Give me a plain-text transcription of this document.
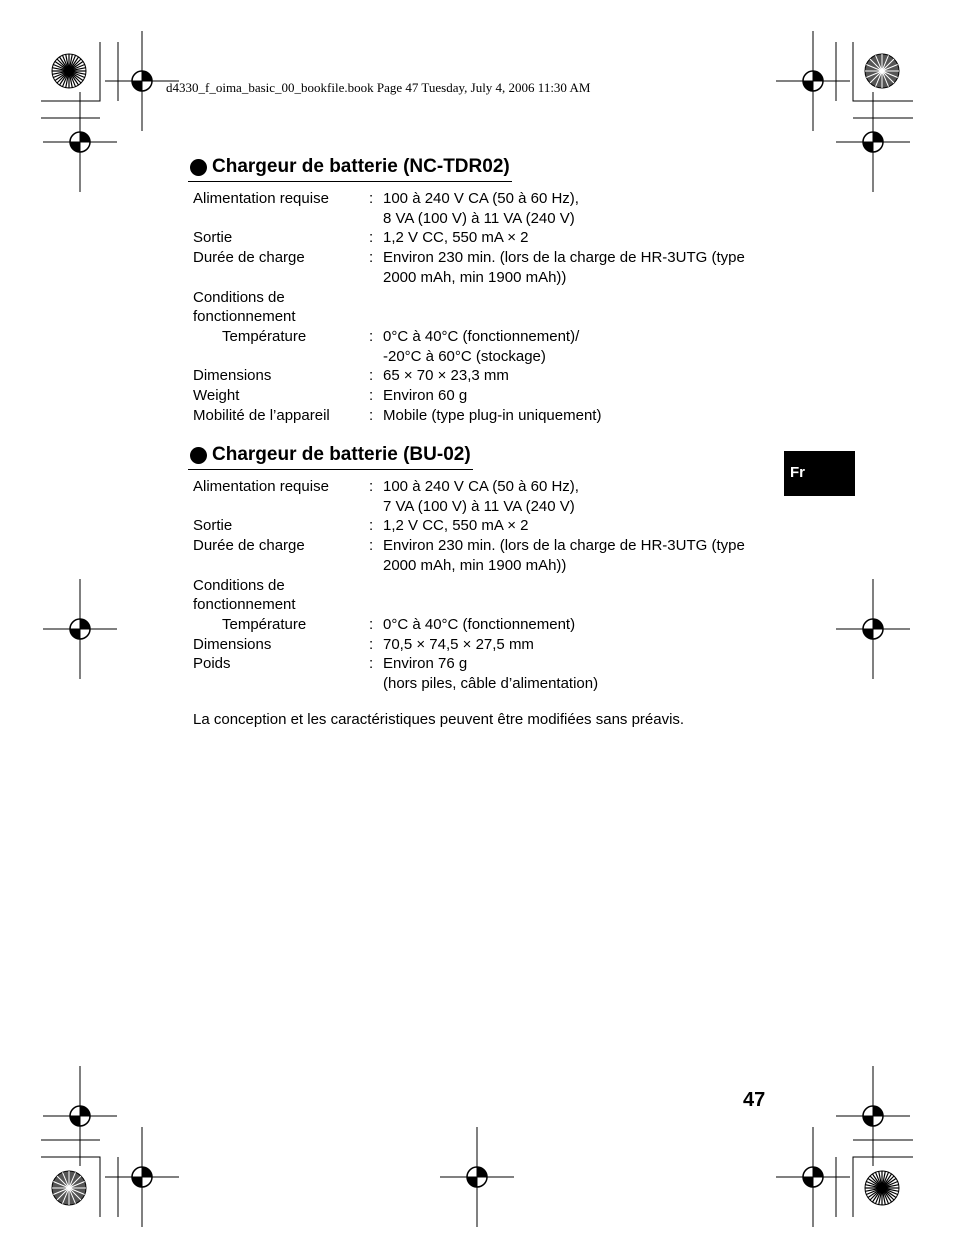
d4330_f_oima_basic_00_bookfile.book Page 47 Tuesday, July 4, 2006 11:30 AM
Chargeur de batterie (NC-TDR02)
Alimentation requise	: 100 à 240 V CA (50 à 60 Hz),
8 VA (100 V) à 11 VA (240 V)
Sortie	: 1,2 V CC, 550 mA × 2
Durée de charge	: Environ 230 min. (lors de la charge de HR-3UTG (type
2000 mAh, min 1900 mAh))
Conditions de
fonctionnement
Température	: 0°C à 40°C (fonctionnement)/
-20°C à 60°C (stockage)
Dimensions	: 65 × 70 × 23,3 mm
Weight	: Environ 60 g
Mobilité de l’appareil	: Mobile (type plug-in uniquement)
Chargeur de batterie (BU-02)
Alimentation requise	: 100 à 240 V CA (50 à 60 Hz),
7 VA (100 V) à 11 VA (240 V)
Sortie	: 1,2 V CC, 550 mA × 2
Durée de charge	: Environ 230 min. (lors de la charge de HR-3UTG (type
2000 mAh, min 1900 mAh))
Conditions de
fonctionnement
Température	: 0°C à 40°C (fonctionnement)
Dimensions	: 70,5 × 74,5 × 27,5 mm
Poids	: Environ 76 g
(hors piles, câble d’alimentation)
La conception et les caractéristiques peuvent être modifiées sans préavis.
Fr
47
